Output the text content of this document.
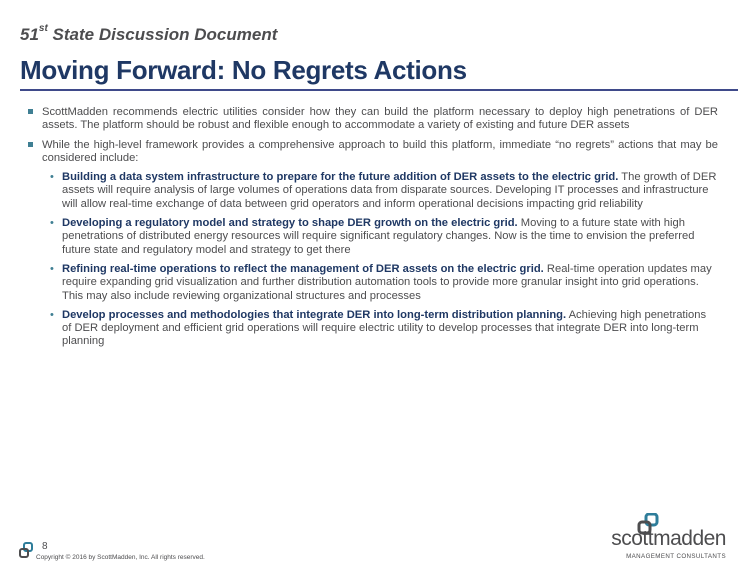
51st State Discussion Document
Moving Forward: No Regrets Actions
ScottMadden recommends electric utilities consider how they can build the platform necessary to deploy high penetrations of DER assets. The platform should be robust and flexible enough to accommodate a variety of existing and future DER assets
While the high-level framework provides a comprehensive approach to build this platform, immediate “no regrets” actions that may be considered include:
• Building a data system infrastructure to prepare for the future addition of DER assets to the electric grid. The growth of DER assets will require analysis of large volumes of operations data from disparate sources. Developing IT processes and infrastructure will allow real-time exchange of data between grid operators and inform operational decisions impacting grid reliability
• Developing a regulatory model and strategy to shape DER growth on the electric grid. Moving to a future state with high penetrations of distributed energy resources will require significant regulatory changes. Now is the time to envision the preferred future state and regulatory model and strategy to get there
• Refining real-time operations to reflect the management of DER assets on the electric grid. Real-time operation updates may require expanding grid visualization and further distribution automation tools to provide more granular insight into grid operations. This may also include reviewing organizational structures and processes
• Develop processes and methodologies that integrate DER into long-term distribution planning. Achieving high penetrations of DER deployment and efficient grid operations will require electric utility to develop processes that integrate DER into long-term planning
8
Copyright © 2016 by ScottMadden, Inc. All rights reserved.
scottmadden
MANAGEMENT CONSULTANTS
